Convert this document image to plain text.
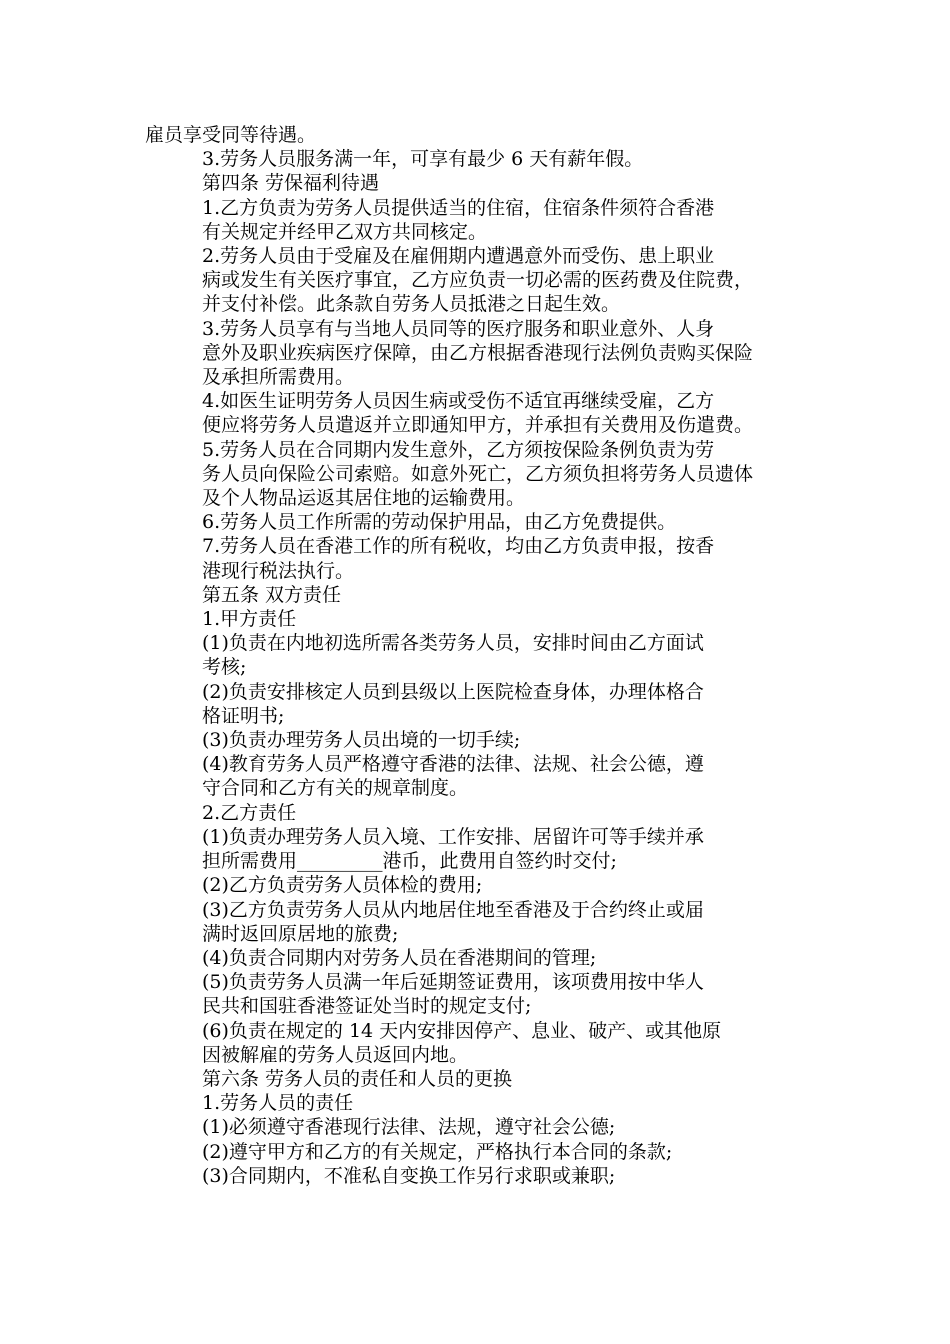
雇员享受同等待遇。

3.劳务人员服务满一年，可享有最少 6 天有薪年假。

第四条 劳保福利待遇

1.乙方负责为劳务人员提供适当的住宿，住宿条件须符合香港
有关规定并经甲乙双方共同核定。

2.劳务人员由于受雇及在雇佣期内遭遇意外而受伤、患上职业
病或发生有关医疗事宜，乙方应负责一切必需的医药费及住院费，
并支付补偿。此条款自劳务人员抵港之日起生效。

3.劳务人员享有与当地人员同等的医疗服务和职业意外、人身
意外及职业疾病医疗保障，由乙方根据香港现行法例负责购买保险
及承担所需费用。

4.如医生证明劳务人员因生病或受伤不适宜再继续受雇，乙方
便应将劳务人员遣返并立即通知甲方，并承担有关费用及伤遣费。

5.劳务人员在合同期内发生意外，乙方须按保险条例负责为劳
务人员向保险公司索赔。如意外死亡，乙方须负担将劳务人员遗体
及个人物品运返其居住地的运输费用。

6.劳务人员工作所需的劳动保护用品，由乙方免费提供。

7.劳务人员在香港工作的所有税收，均由乙方负责申报，按香
港现行税法执行。

第五条 双方责任

1.甲方责任

(1)负责在内地初选所需各类劳务人员，安排时间由乙方面试
考核;

(2)负责安排核定人员到县级以上医院检查身体，办理体格合
格证明书;

(3)负责办理劳务人员出境的一切手续;

(4)教育劳务人员严格遵守香港的法律、法规、社会公德，遵
守合同和乙方有关的规章制度。

2.乙方责任

(1)负责办理劳务人员入境、工作安排、居留许可等手续并承
担所需费用_________港币，此费用自签约时交付;

(2)乙方负责劳务人员体检的费用;

(3)乙方负责劳务人员从内地居住地至香港及于合约终止或届
满时返回原居地的旅费;

(4)负责合同期内对劳务人员在香港期间的管理;

(5)负责劳务人员满一年后延期签证费用，该项费用按中华人
民共和国驻香港签证处当时的规定支付;

(6)负责在规定的 14 天内安排因停产、息业、破产、或其他原
因被解雇的劳务人员返回内地。

第六条 劳务人员的责任和人员的更换

1.劳务人员的责任

(1)必须遵守香港现行法律、法规，遵守社会公德;

(2)遵守甲方和乙方的有关规定，严格执行本合同的条款;

(3)合同期内，不准私自变换工作另行求职或兼职;
